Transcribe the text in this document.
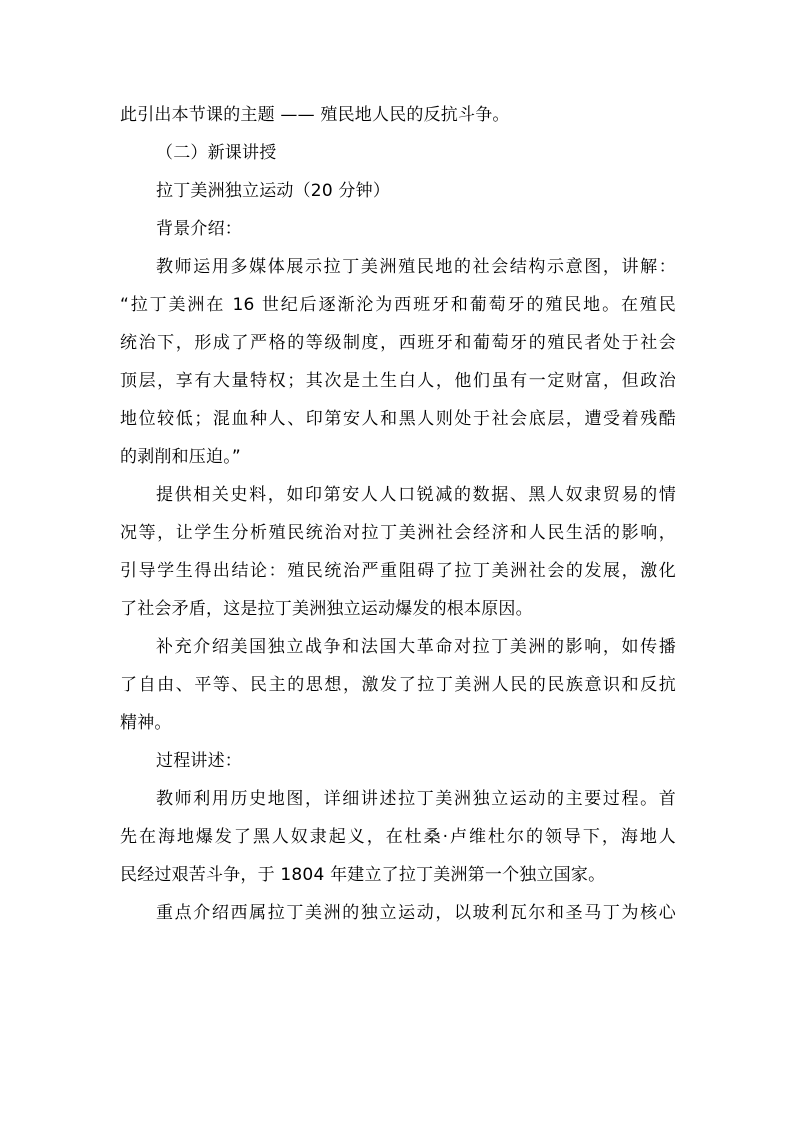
此引出本节课的主题 —— 殖民地人民的反抗斗争。
（二）新课讲授
拉丁美洲独立运动（20 分钟）
背景介绍：
教师运用多媒体展示拉丁美洲殖民地的社会结构示意图，讲解：
“拉丁美洲在 16 世纪后逐渐沦为西班牙和葡萄牙的殖民地。在殖民
统治下，形成了严格的等级制度，西班牙和葡萄牙的殖民者处于社会
顶层，享有大量特权；其次是土生白人，他们虽有一定财富，但政治
地位较低；混血种人、印第安人和黑人则处于社会底层，遭受着残酷
的剥削和压迫。”
提供相关史料，如印第安人人口锐减的数据、黑人奴隶贸易的情
况等，让学生分析殖民统治对拉丁美洲社会经济和人民生活的影响，
引导学生得出结论：殖民统治严重阻碍了拉丁美洲社会的发展，激化
了社会矛盾，这是拉丁美洲独立运动爆发的根本原因。
补充介绍美国独立战争和法国大革命对拉丁美洲的影响，如传播
了自由、平等、民主的思想，激发了拉丁美洲人民的民族意识和反抗
精神。
过程讲述：
教师利用历史地图，详细讲述拉丁美洲独立运动的主要过程。首
先在海地爆发了黑人奴隶起义，在杜桑·卢维杜尔的领导下，海地人
民经过艰苦斗争，于 1804 年建立了拉丁美洲第一个独立国家。
重点介绍西属拉丁美洲的独立运动，以玻利瓦尔和圣马丁为核心
